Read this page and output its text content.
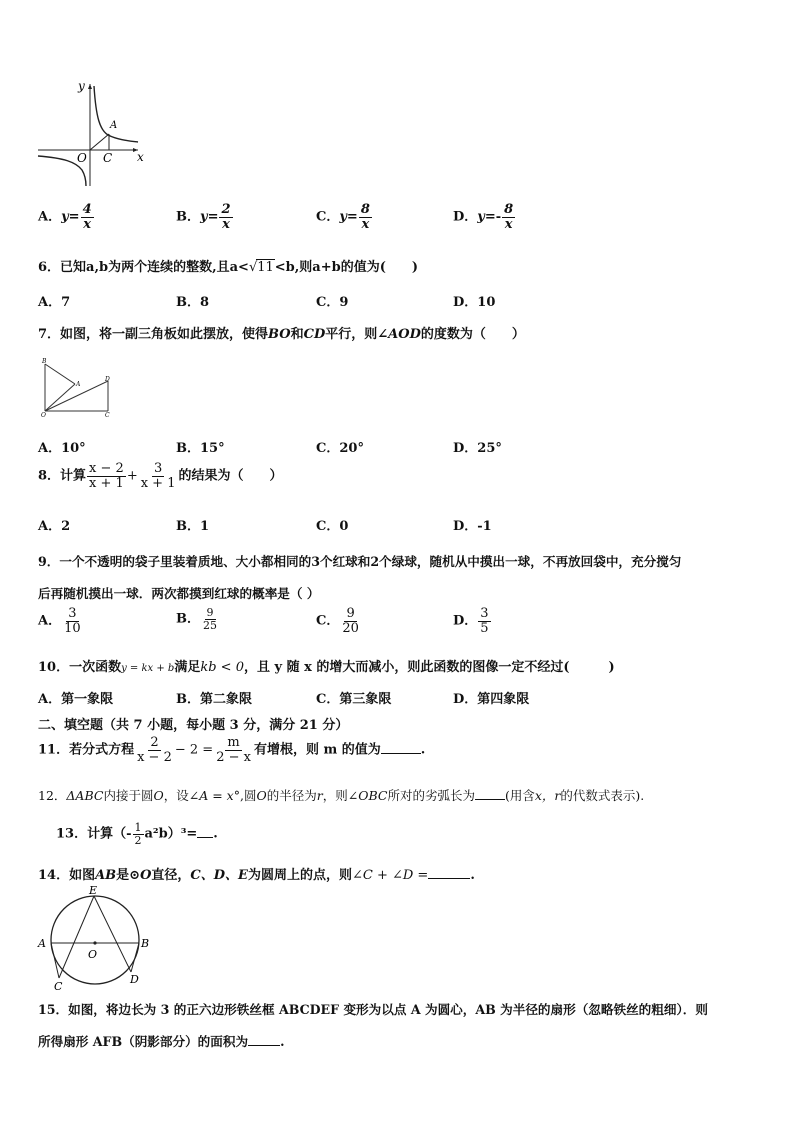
y
A
O C x
A．$y= \frac{4}{x}$	B．$y= \frac{2}{x}$	C．$y= \frac{8}{x}$	D．$y=- \frac{8}{x}$
6．已知a,b为两个连续的整数,且a<√11<b,则a+b的值为(　　)
A．7	B．8	C．9	D．10
7．如图，将一副三角板如此摆放，使得BO和CD平行，则∠AOD的度数为（　　）
B
A
D
O	C
A．10°	B．15°	C．20°	D．25°
8．计算 $\frac{x - 2}{x + 1} + \frac{3}{x + 1}$ 的结果为（　　）
A．2	B．1	C．0	D．-1
9．一个不透明的袋子里装着质地、大小都相同的3个红球和2个绿球，随机从中摸出一球，不再放回袋中，充分搅匀
后再随机摸出一球．两次都摸到红球的概率是（ ）
A． $\frac{3}{10}$	B． $\frac{9}{25}$	C． $\frac{9}{20}$	D． $\frac{3}{5}$
10．一次函数y = kx + b满足kb < 0，且 y 随 x 的增大而减小，则此函数的图像一定不经过(　　　)
A．第一象限	B．第二象限	C．第三象限	D．第四象限
二、填空题（共 7 小题，每小题 3 分，满分 21 分）
11．若分式方程 $\frac{2}{x - 2} - 2 = \frac{m}{2 - x}$ 有增根，则 m 的值为	.
12．ΔABC内接于圆O，设∠A = x°,圆O的半径为r，则∠OBC所对的劣弧长为 (用含x，r的代数式表示).
13．计算（- $\frac{1}{2} a^2b)^3=$ .
14．如图AB是⊙O直径，C、D、E为圆周上的点，则∠C + ∠D =	.
E
A	B
O
D
C
15．如图，将边长为 3 的正六边形铁丝框 ABCDEF 变形为以点 A 为圆心，AB 为半径的扇形（忽略铁丝的粗细）．则
所得扇形 AFB（阴影部分）的面积为	.
